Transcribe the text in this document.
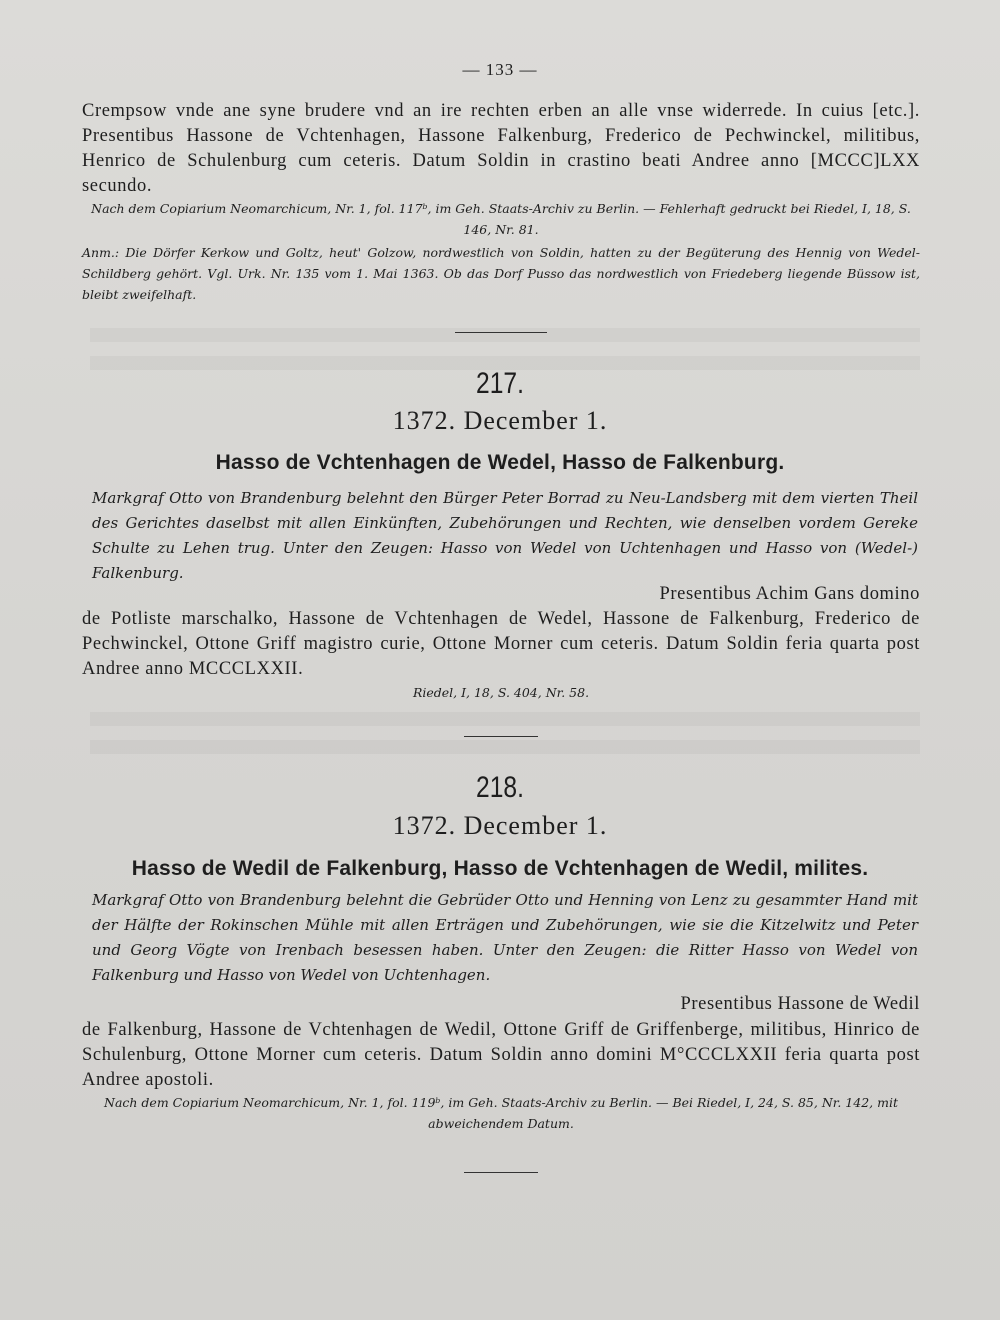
— 133 —
Crempsow vnde ane syne brudere vnd an ire rechten erben an alle vnse widerrede. In cuius [etc.]. Presentibus Hassone de Vchtenhagen, Hassone Falkenburg, Frederico de Pechwinckel, militibus, Henrico de Schulenburg cum ceteris. Datum Soldin in crastino beati Andree anno [MCCC]LXX secundo.
Nach dem Copiarium Neomarchicum, Nr. 1, fol. 117ᵇ, im Geh. Staats-Archiv zu Berlin. — Fehlerhaft gedruckt bei Riedel, I, 18, S. 146, Nr. 81.
Anm.: Die Dörfer Kerkow und Goltz, heut' Golzow, nordwestlich von Soldin, hatten zu der Begüterung des Hennig von Wedel-Schildberg gehört. Vgl. Urk. Nr. 135 vom 1. Mai 1363. Ob das Dorf Pusso das nordwestlich von Friedeberg liegende Büssow ist, bleibt zweifelhaft.
217.
1372. December 1.
Hasso de Vchtenhagen de Wedel, Hasso de Falkenburg.
Markgraf Otto von Brandenburg belehnt den Bürger Peter Borrad zu Neu-Landsberg mit dem vierten Theil des Gerichtes daselbst mit allen Einkünften, Zubehörungen und Rechten, wie denselben vordem Gereke Schulte zu Lehen trug. Unter den Zeugen: Hasso von Wedel von Uchtenhagen und Hasso von (Wedel-) Falkenburg.
Presentibus Achim Gans domino
de Potliste marschalko, Hassone de Vchtenhagen de Wedel, Hassone de Falkenburg, Frederico de Pechwinckel, Ottone Griff magistro curie, Ottone Morner cum ceteris. Datum Soldin feria quarta post Andree anno MCCCLXXII.
Riedel, I, 18, S. 404, Nr. 58.
218.
1372. December 1.
Hasso de Wedil de Falkenburg, Hasso de Vchtenhagen de Wedil, milites.
Markgraf Otto von Brandenburg belehnt die Gebrüder Otto und Henning von Lenz zu gesammter Hand mit der Hälfte der Rokinschen Mühle mit allen Erträgen und Zubehörungen, wie sie die Kitzelwitz und Peter und Georg Vögte von Irenbach besessen haben. Unter den Zeugen: die Ritter Hasso von Wedel von Falkenburg und Hasso von Wedel von Uchtenhagen.
Presentibus Hassone de Wedil
de Falkenburg, Hassone de Vchtenhagen de Wedil, Ottone Griff de Griffenberge, militibus, Hinrico de Schulenburg, Ottone Morner cum ceteris. Datum Soldin anno domini M°CCCLXXII feria quarta post Andree apostoli.
Nach dem Copiarium Neomarchicum, Nr. 1, fol. 119ᵇ, im Geh. Staats-Archiv zu Berlin. — Bei Riedel, I, 24, S. 85, Nr. 142, mit abweichendem Datum.
